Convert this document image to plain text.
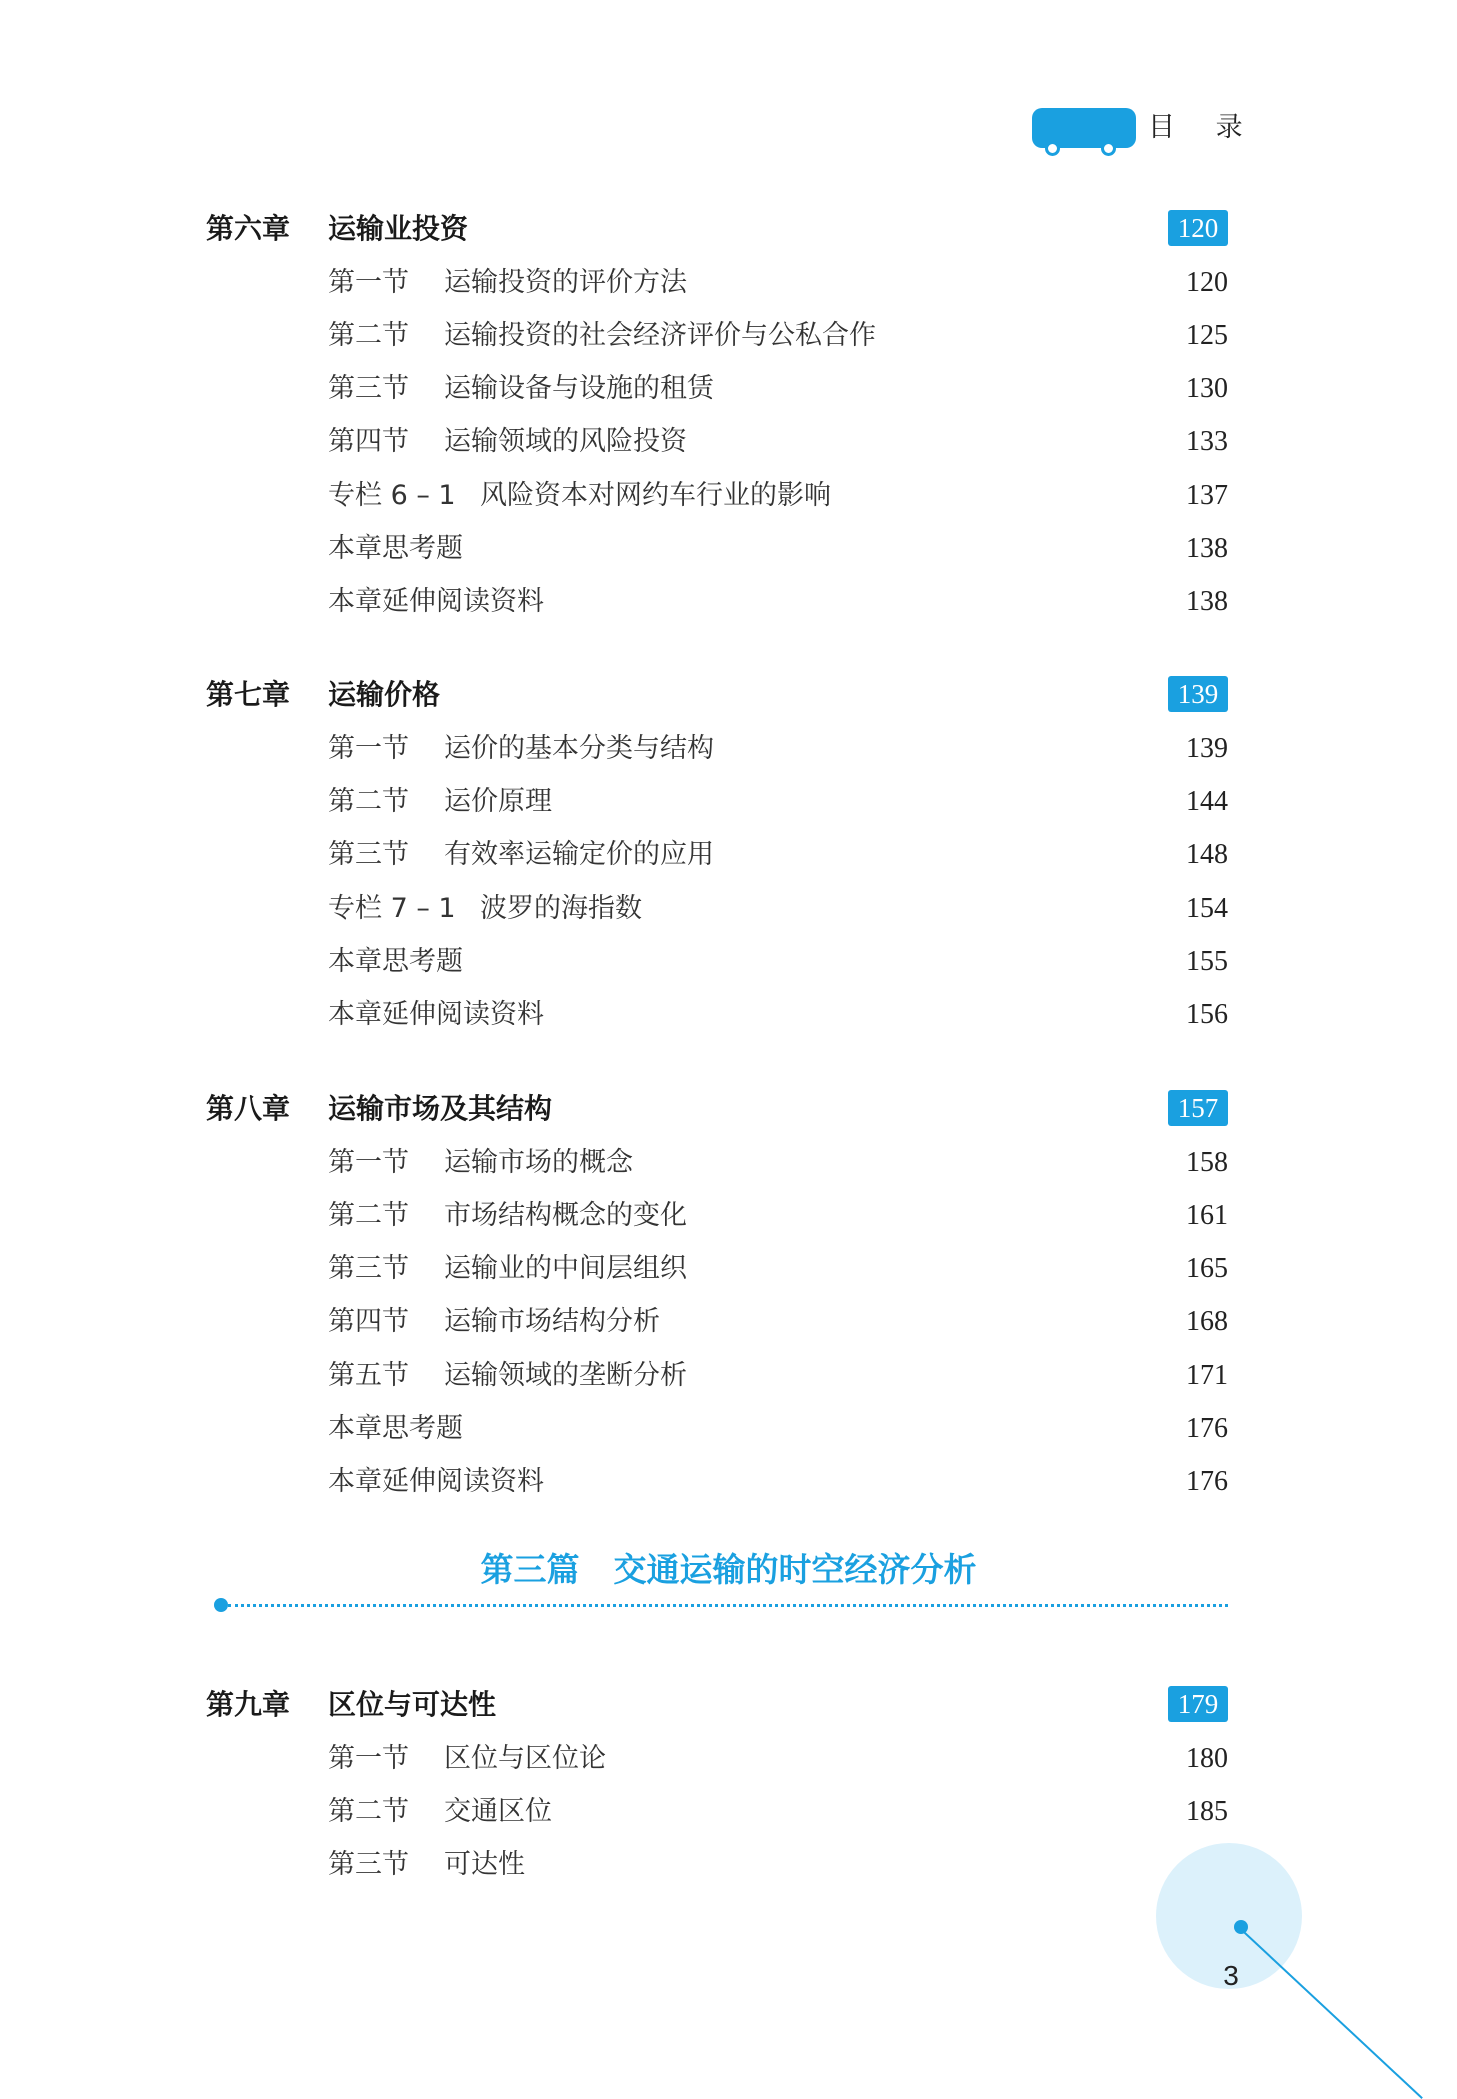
目 录
第六章 运输业投资	120
第一节 运输投资的评价方法	120
第二节 运输投资的社会经济评价与公私合作	125
第三节 运输设备与设施的租赁	130
第四节 运输领域的风险投资	133
专栏 6 – 1 风险资本对网约车行业的影响	137
本章思考题	138
本章延伸阅读资料	138
第七章 运输价格	139
第一节 运价的基本分类与结构	139
第二节 运价原理	144
第三节 有效率运输定价的应用	148
专栏 7 – 1 波罗的海指数	154
本章思考题	155
本章延伸阅读资料	156
第八章 运输市场及其结构	157
第一节 运输市场的概念	158
第二节 市场结构概念的变化	161
第三节 运输业的中间层组织	165
第四节 运输市场结构分析	168
第五节 运输领域的垄断分析	171
本章思考题	176
本章延伸阅读资料	176
第三篇 交通运输的时空经济分析
第九章 区位与可达性	179
第一节 区位与区位论	180
第二节 交通区位	185
第三节 可达性
3
